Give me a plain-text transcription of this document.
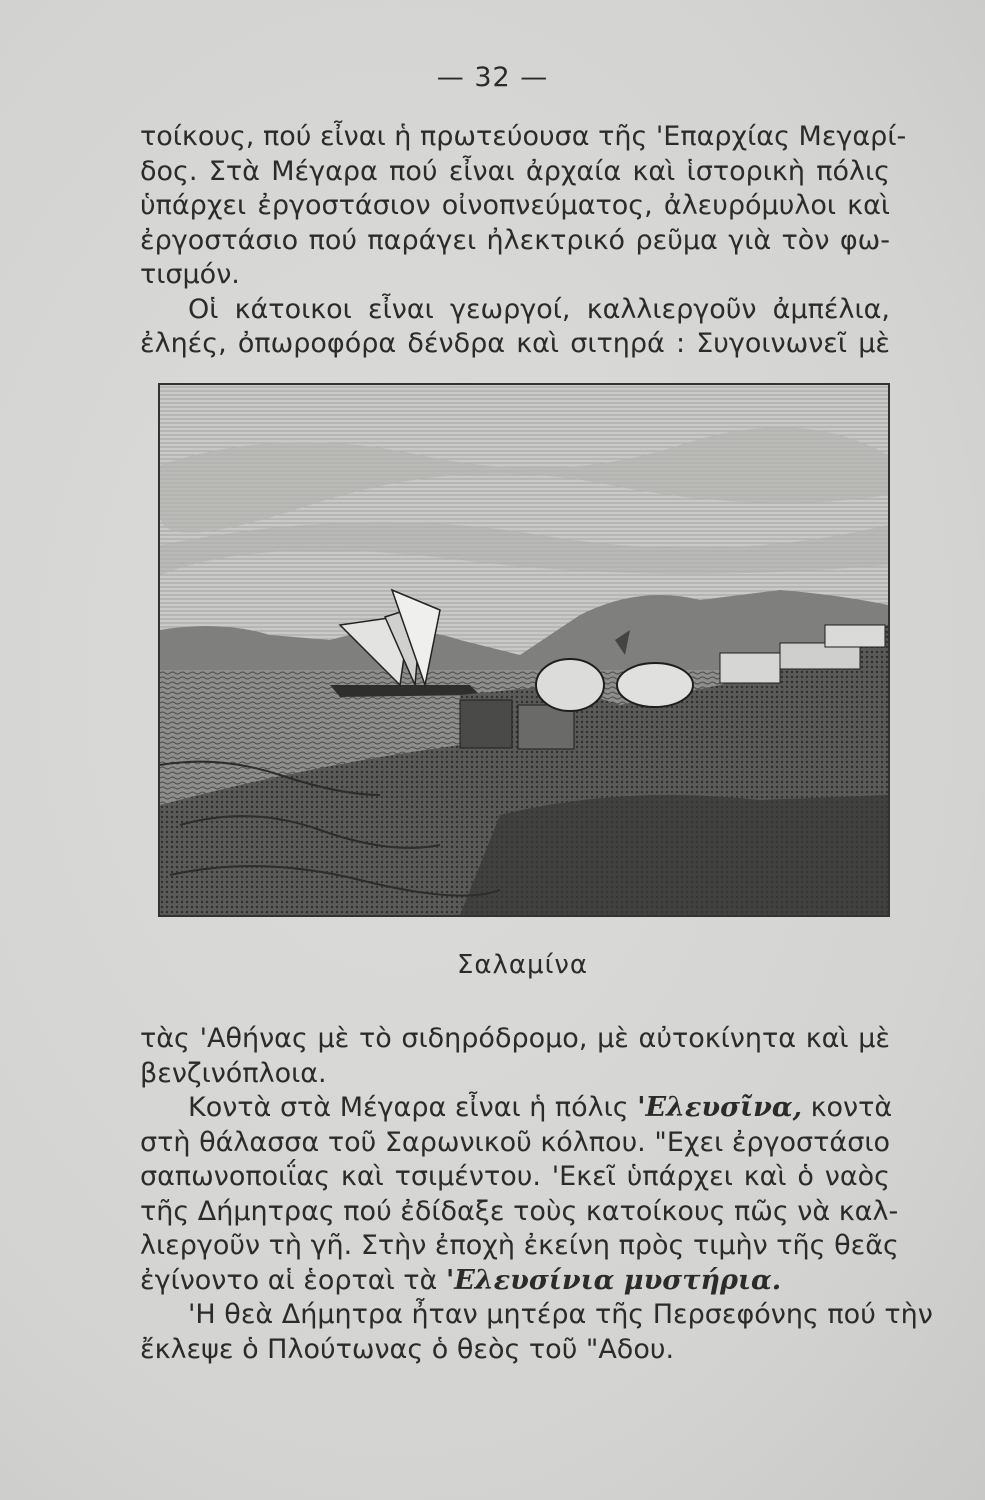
— 32 —
τοίκους, πού εἶναι ἡ πρωτεύουσα τῆς 'Επαρχίας Μεγαρί-
δος. Στὰ Μέγαρα πού εἶναι ἀρχαία καὶ ἱστορικὴ πόλις
ὑπάρχει ἐργοστάσιον οἰνοπνεύματος, ἀλευρόμυλοι καὶ
ἐργοστάσιο πού παράγει ἠλεκτρικό ρεῦμα γιὰ τὸν φω-
τισμόν.
Οἱ κάτοικοι εἶναι γεωργοί, καλλιεργοῦν ἀμπέλια,
ἐληές, ὀπωροφόρα δένδρα καὶ σιτηρά : Συγοινωνεῖ μὲ
Σαλαμίνα
τὰς 'Αθήνας μὲ τὸ σιδηρόδρομο, μὲ αὐτοκίνητα καὶ μὲ
βενζινόπλοια.
Κοντὰ στὰ Μέγαρα εἶναι ἡ πόλις 'Ελευσῖνα, κοντὰ
στὴ θάλασσα τοῦ Σαρωνικοῦ κόλπου. "Εχει ἐργοστάσιο
σαπωνοποιΐας καὶ τσιμέντου. 'Εκεῖ ὑπάρχει καὶ ὁ ναὸς
τῆς Δήμητρας πού ἐδίδαξε τοὺς κατοίκους πῶς νὰ καλ-
λιεργοῦν τὴ γῆ. Στὴν ἐποχὴ ἐκείνη πρὸς τιμὴν τῆς θεᾶς
ἐγίνοντο αἱ ἑορταὶ τὰ 'Ελευσίνια μυστήρια.
'Η θεὰ Δήμητρα ἦταν μητέρα τῆς Περσεφόνης πού τὴν
ἔκλεψε ὁ Πλούτωνας ὁ θεὸς τοῦ "Αδου.
